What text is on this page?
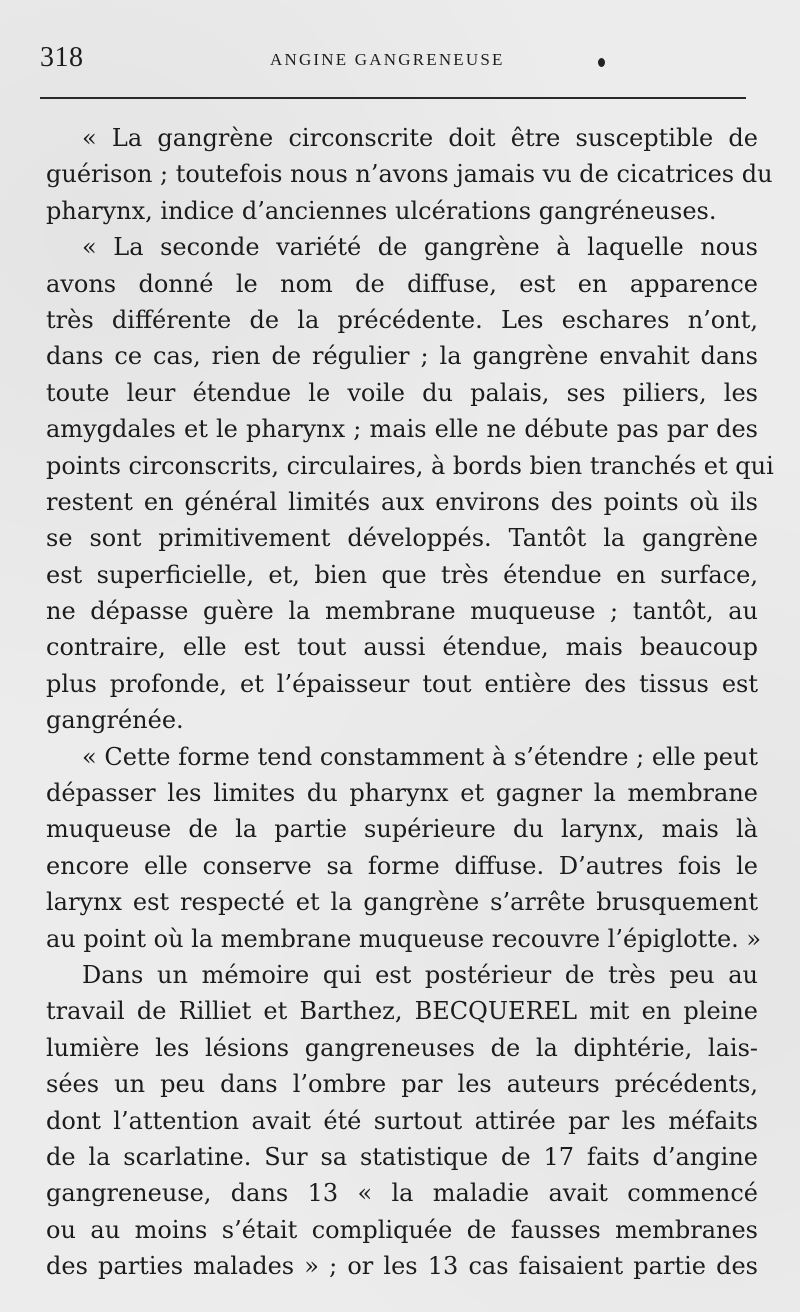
318	ANGINE GANGRENEUSE
« La gangrène circonscrite doit être susceptible de
guérison ; toutefois nous n’avons jamais vu de cicatrices du
pharynx, indice d’anciennes ulcérations gangréneuses.
« La seconde variété de gangrène à laquelle nous
avons donné le nom de diffuse, est en apparence
très différente de la précédente. Les eschares n’ont,
dans ce cas, rien de régulier ; la gangrène envahit dans
toute leur étendue le voile du palais, ses piliers, les
amygdales et le pharynx ; mais elle ne débute pas par des
points circonscrits, circulaires, à bords bien tranchés et qui
restent en général limités aux environs des points où ils
se sont primitivement développés. Tantôt la gangrène
est superficielle, et, bien que très étendue en surface,
ne dépasse guère la membrane muqueuse ; tantôt, au
contraire, elle est tout aussi étendue, mais beaucoup
plus profonde, et l’épaisseur tout entière des tissus est
gangrénée.
« Cette forme tend constamment à s’étendre ; elle peut
dépasser les limites du pharynx et gagner la membrane
muqueuse de la partie supérieure du larynx, mais là
encore elle conserve sa forme diffuse. D’autres fois le
larynx est respecté et la gangrène s’arrête brusquement
au point où la membrane muqueuse recouvre l’épiglotte. »
Dans un mémoire qui est postérieur de très peu au
travail de Rilliet et Barthez, BECQUEREL mit en pleine
lumière les lésions gangreneuses de la diphtérie, lais-
sées un peu dans l’ombre par les auteurs précédents,
dont l’attention avait été surtout attirée par les méfaits
de la scarlatine. Sur sa statistique de 17 faits d’angine
gangreneuse, dans 13 « la maladie avait commencé
ou au moins s’était compliquée de fausses membranes
des parties malades » ; or les 13 cas faisaient partie des
